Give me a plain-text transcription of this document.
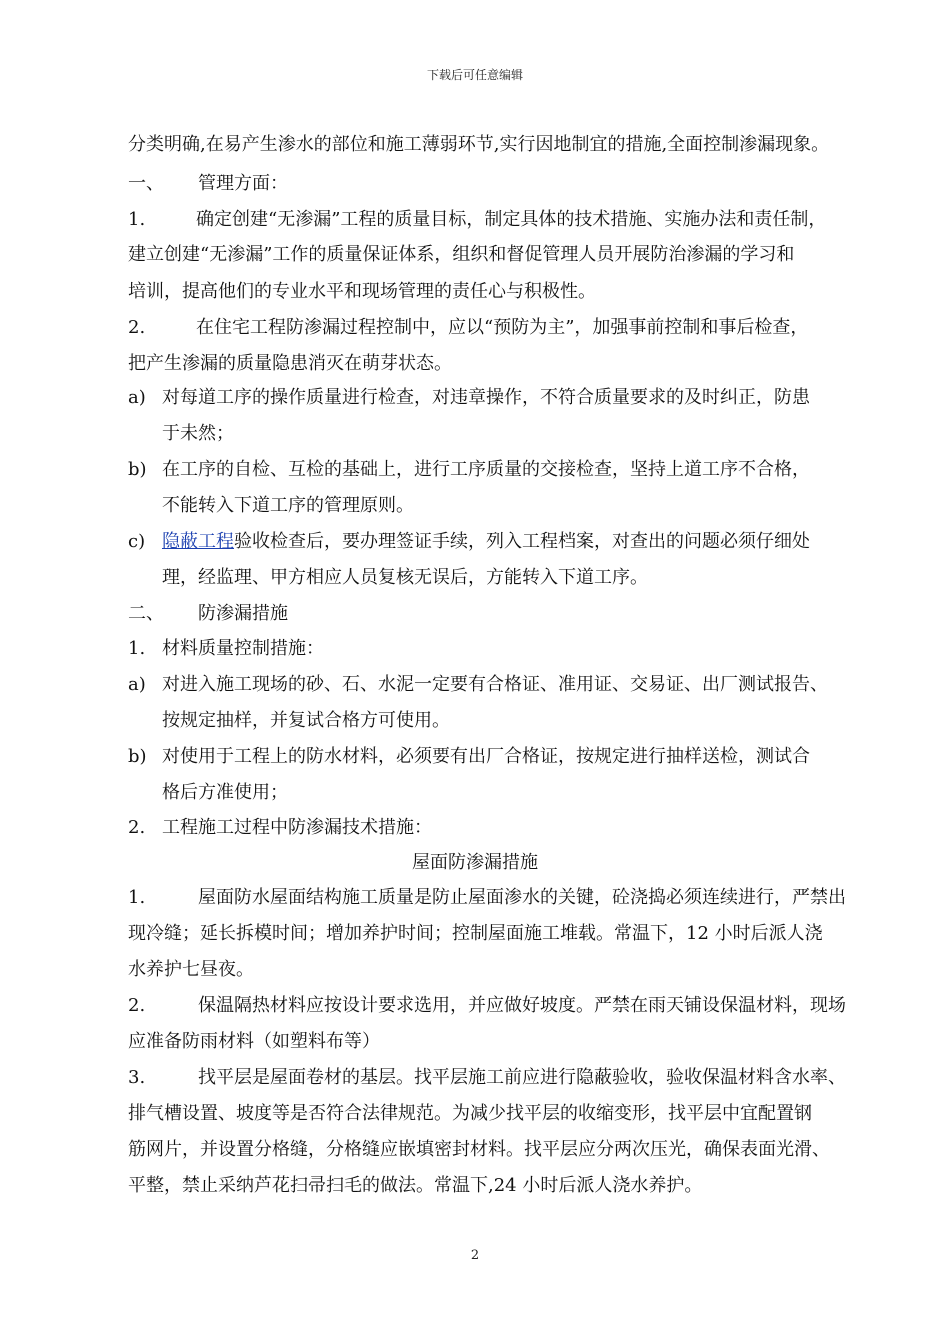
下载后可任意编辑
分类明确,在易产生渗水的部位和施工薄弱环节,实行因地制宜的措施,全面控制渗漏现象。
一、 管理方面：
1.	确定创建“无渗漏”工程的质量目标，制定具体的技术措施、实施办法和责任制，
建立创建“无渗漏”工作的质量保证体系，组织和督促管理人员开展防治渗漏的学习和
培训，提高他们的专业水平和现场管理的责任心与积极性。
2.	在住宅工程防渗漏过程控制中，应以“预防为主”，加强事前控制和事后检查，
把产生渗漏的质量隐患消灭在萌芽状态。
a) 对每道工序的操作质量进行检查，对违章操作，不符合质量要求的及时纠正，防患
于未然；
b) 在工序的自检、互检的基础上，进行工序质量的交接检查，坚持上道工序不合格，
不能转入下道工序的管理原则。
c) 隐蔽工程验收检查后，要办理签证手续，列入工程档案，对查出的问题必须仔细处
理，经监理、甲方相应人员复核无误后，方能转入下道工序。
二、 防渗漏措施
1. 材料质量控制措施：
a) 对进入施工现场的砂、石、水泥一定要有合格证、准用证、交易证、出厂测试报告、
按规定抽样，并复试合格方可使用。
b) 对使用于工程上的防水材料，必须要有出厂合格证，按规定进行抽样送检，测试合
格后方准使用；
2. 工程施工过程中防渗漏技术措施：
屋面防渗漏措施
1.	屋面防水屋面结构施工质量是防止屋面渗水的关键，砼浇捣必须连续进行，严禁出
现冷缝；延长拆模时间；增加养护时间；控制屋面施工堆载。常温下，12 小时后派人浇
水养护七昼夜。
2.	保温隔热材料应按设计要求选用，并应做好坡度。严禁在雨天铺设保温材料，现场
应准备防雨材料（如塑料布等）
3.	找平层是屋面卷材的基层。找平层施工前应进行隐蔽验收，验收保温材料含水率、
排气槽设置、坡度等是否符合法律规范。为减少找平层的收缩变形，找平层中宜配置钢
筋网片，并设置分格缝，分格缝应嵌填密封材料。找平层应分两次压光，确保表面光滑、
平整，禁止采纳芦花扫帚扫毛的做法。常温下,24 小时后派人浇水养护。
2
